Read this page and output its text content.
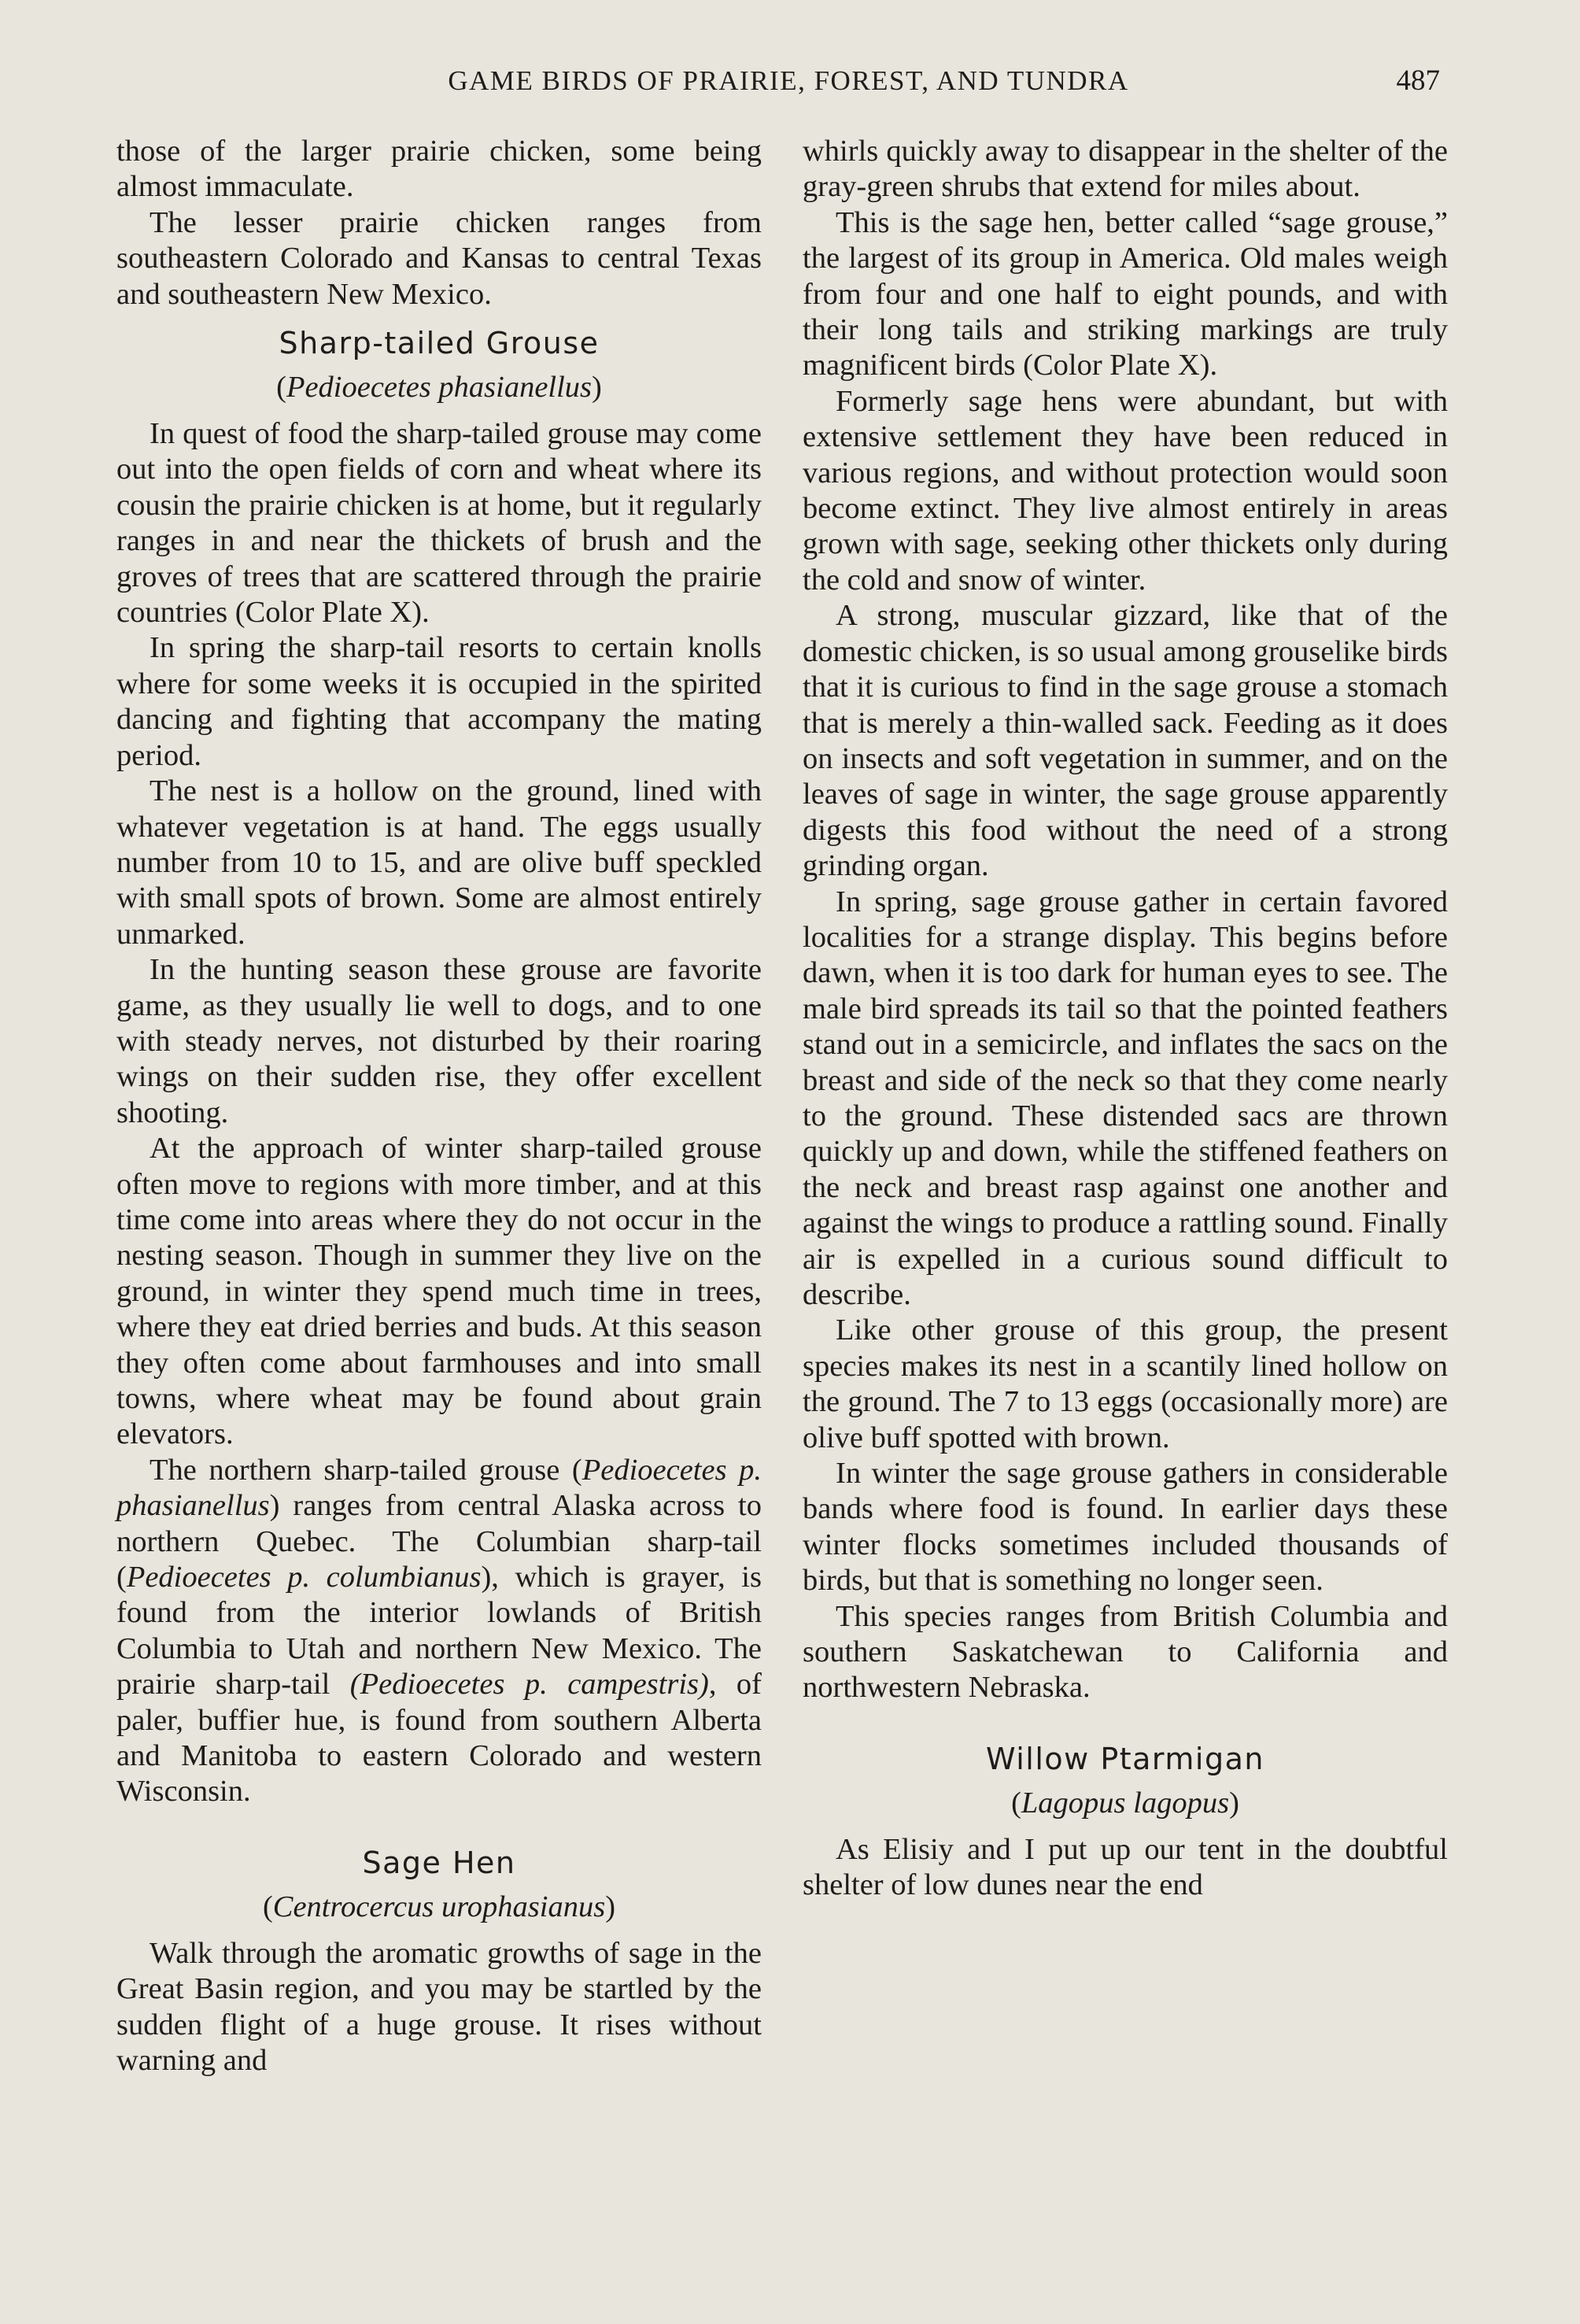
GAME BIRDS OF PRAIRIE, FOREST, AND TUNDRA	487

those of the larger prairie chicken, some being almost immaculate.

The lesser prairie chicken ranges from southeastern Colorado and Kansas to central Texas and southeastern New Mexico.

Sharp-tailed Grouse
(Pedioecetes phasianellus)

In quest of food the sharp-tailed grouse may come out into the open fields of corn and wheat where its cousin the prairie chicken is at home, but it regularly ranges in and near the thickets of brush and the groves of trees that are scattered through the prairie countries (Color Plate X).

In spring the sharp-tail resorts to certain knolls where for some weeks it is occupied in the spirited dancing and fighting that accompany the mating period.

The nest is a hollow on the ground, lined with whatever vegetation is at hand. The eggs usually number from 10 to 15, and are olive buff speckled with small spots of brown. Some are almost entirely unmarked.

In the hunting season these grouse are favorite game, as they usually lie well to dogs, and to one with steady nerves, not disturbed by their roaring wings on their sudden rise, they offer excellent shooting.

At the approach of winter sharp-tailed grouse often move to regions with more timber, and at this time come into areas where they do not occur in the nesting season. Though in summer they live on the ground, in winter they spend much time in trees, where they eat dried berries and buds. At this season they often come about farmhouses and into small towns, where wheat may be found about grain elevators.

The northern sharp-tailed grouse (Pedioecetes p. phasianellus) ranges from central Alaska across to northern Quebec. The Columbian sharp-tail (Pedioecetes p. columbianus), which is grayer, is found from the interior lowlands of British Columbia to Utah and northern New Mexico. The prairie sharp-tail (Pedioecetes p. campestris), of paler, buffier hue, is found from southern Alberta and Manitoba to eastern Colorado and western Wisconsin.

Sage Hen
(Centrocercus urophasianus)

Walk through the aromatic growths of sage in the Great Basin region, and you may be startled by the sudden flight of a huge grouse. It rises without warning and

whirls quickly away to disappear in the shelter of the gray-green shrubs that extend for miles about.

This is the sage hen, better called “sage grouse,” the largest of its group in America. Old males weigh from four and one half to eight pounds, and with their long tails and striking markings are truly magnificent birds (Color Plate X).

Formerly sage hens were abundant, but with extensive settlement they have been reduced in various regions, and without protection would soon become extinct. They live almost entirely in areas grown with sage, seeking other thickets only during the cold and snow of winter.

A strong, muscular gizzard, like that of the domestic chicken, is so usual among grouselike birds that it is curious to find in the sage grouse a stomach that is merely a thin-walled sack. Feeding as it does on insects and soft vegetation in summer, and on the leaves of sage in winter, the sage grouse apparently digests this food without the need of a strong grinding organ.

In spring, sage grouse gather in certain favored localities for a strange display. This begins before dawn, when it is too dark for human eyes to see. The male bird spreads its tail so that the pointed feathers stand out in a semicircle, and inflates the sacs on the breast and side of the neck so that they come nearly to the ground. These distended sacs are thrown quickly up and down, while the stiffened feathers on the neck and breast rasp against one another and against the wings to produce a rattling sound. Finally air is expelled in a curious sound difficult to describe.

Like other grouse of this group, the present species makes its nest in a scantily lined hollow on the ground. The 7 to 13 eggs (occasionally more) are olive buff spotted with brown.

In winter the sage grouse gathers in considerable bands where food is found. In earlier days these winter flocks sometimes included thousands of birds, but that is something no longer seen.

This species ranges from British Columbia and southern Saskatchewan to California and northwestern Nebraska.

Willow Ptarmigan
(Lagopus lagopus)

As Elisiy and I put up our tent in the doubtful shelter of low dunes near the end
